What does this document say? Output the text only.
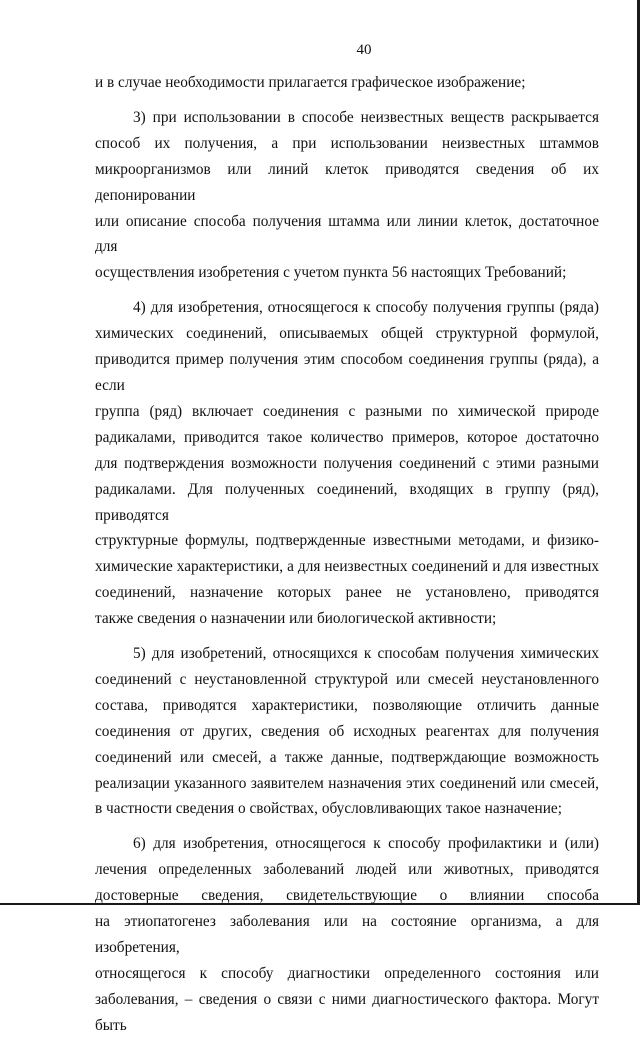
40

и в случае необходимости прилагается графическое изображение;

3) при использовании в способе неизвестных веществ раскрывается

способ их получения, а при использовании неизвестных штаммов

микроорганизмов или линий клеток приводятся сведения об их депонировании

или описание способа получения штамма или линии клеток, достаточное для

осуществления изобретения с учетом пункта 56 настоящих Требований;

4) для изобретения, относящегося к способу получения группы (ряда)

химических соединений, описываемых общей структурной формулой,

приводится пример получения этим способом соединения группы (ряда), а если

группа (ряд) включает соединения с разными по химической природе

радикалами, приводится такое количество примеров, которое достаточно

для подтверждения возможности получения соединений с этими разными

радикалами. Для полученных соединений, входящих в группу (ряд), приводятся

структурные формулы, подтвержденные известными методами, и физико-

химические характеристики, а для неизвестных соединений и для известных

соединений, назначение которых ранее не установлено, приводятся

также сведения о назначении или биологической активности;

5) для изобретений, относящихся к способам получения химических

соединений с неустановленной структурой или смесей неустановленного

состава, приводятся характеристики, позволяющие отличить данные

соединения от других, сведения об исходных реагентах для получения

соединений или смесей, а также данные, подтверждающие возможность

реализации указанного заявителем назначения этих соединений или смесей,

в частности сведения о свойствах, обусловливающих такое назначение;

6) для изобретения, относящегося к способу профилактики и (или)

лечения определенных заболеваний людей или животных, приводятся

достоверные сведения, свидетельствующие о влиянии способа

на этиопатогенез заболевания или на состояние организма, а для изобретения,

относящегося к способу диагностики определенного состояния или

заболевания, – сведения о связи с ними диагностического фактора. Могут быть
